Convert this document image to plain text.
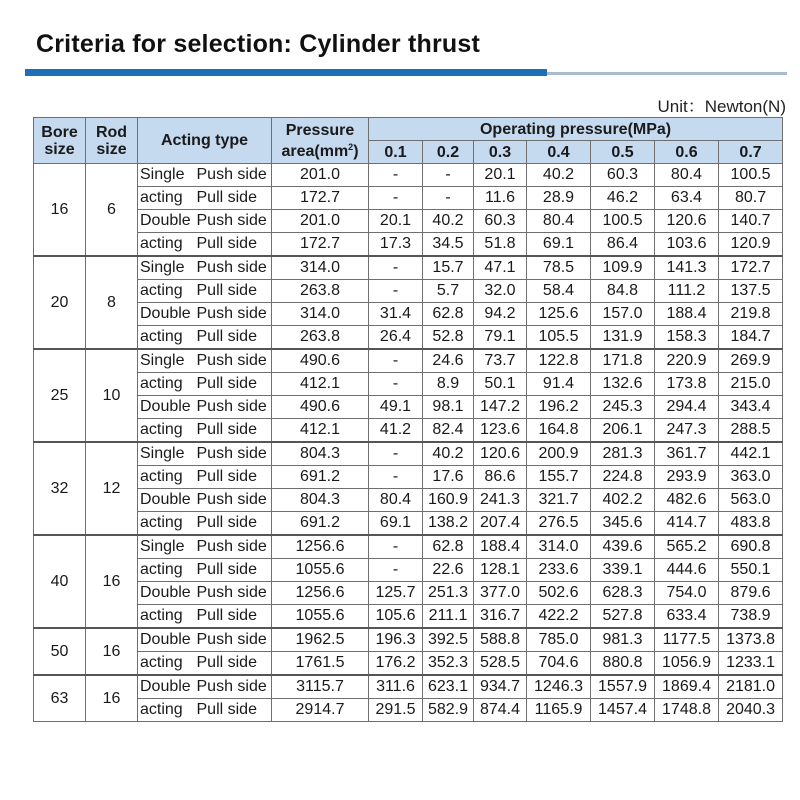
Criteria for selection: Cylinder thrust
Unit：Newton(N)
Bore size	Rod size	Acting type		Pressure
$area(mm^2)$	Operating pressure(MPa)						
					0.1	0.2	0.3	0.4	0.5	0.6	0.7
16	6	Single	Push side	201.0	-	-	20.1	40.2	60.3	80.4	100.5
		acting	Pull side	172.7	-	-	11.6	28.9	46.2	63.4	80.7
		Double	Push side	201.0	20.1	40.2	60.3	80.4	100.5	120.6	140.7
		acting	Pull side	172.7	17.3	34.5	51.8	69.1	86.4	103.6	120.9
20	8	Single	Push side	314.0	-	15.7	47.1	78.5	109.9	141.3	172.7
		acting	Pull side	263.8	-	5.7	32.0	58.4	84.8	111.2	137.5
		Double	Push side	314.0	31.4	62.8	94.2	125.6	157.0	188.4	219.8
		acting	Pull side	263.8	26.4	52.8	79.1	105.5	131.9	158.3	184.7
25	10	Single	Push side	490.6	-	24.6	73.7	122.8	171.8	220.9	269.9
		acting	Pull side	412.1	-	8.9	50.1	91.4	132.6	173.8	215.0
		Double	Push side	490.6	49.1	98.1	147.2	196.2	245.3	294.4	343.4
		acting	Pull side	412.1	41.2	82.4	123.6	164.8	206.1	247.3	288.5
32	12	Single	Push side	804.3	-	40.2	120.6	200.9	281.3	361.7	442.1
		acting	Pull side	691.2	-	17.6	86.6	155.7	224.8	293.9	363.0
		Double	Push side	804.3	80.4	160.9	241.3	321.7	402.2	482.6	563.0
		acting	Pull side	691.2	69.1	138.2	207.4	276.5	345.6	414.7	483.8
40	16	Single	Push side	1256.6	-	62.8	188.4	314.0	439.6	565.2	690.8
		acting	Pull side	1055.6	-	22.6	128.1	233.6	339.1	444.6	550.1
		Double	Push side	1256.6	125.7	251.3	377.0	502.6	628.3	754.0	879.6
		acting	Pull side	1055.6	105.6	211.1	316.7	422.2	527.8	633.4	738.9
50	16	Double	Push side	1962.5	196.3	392.5	588.8	785.0	981.3	1177.5	1373.8
		acting	Pull side	1761.5	176.2	352.3	528.5	704.6	880.8	1056.9	1233.1
63	16	Double	Push side	3115.7	311.6	623.1	934.7	1246.3	1557.9	1869.4	2181.0
		acting	Pull side	2914.7	291.5	582.9	874.4	1165.9	1457.4	1748.8	2040.3
